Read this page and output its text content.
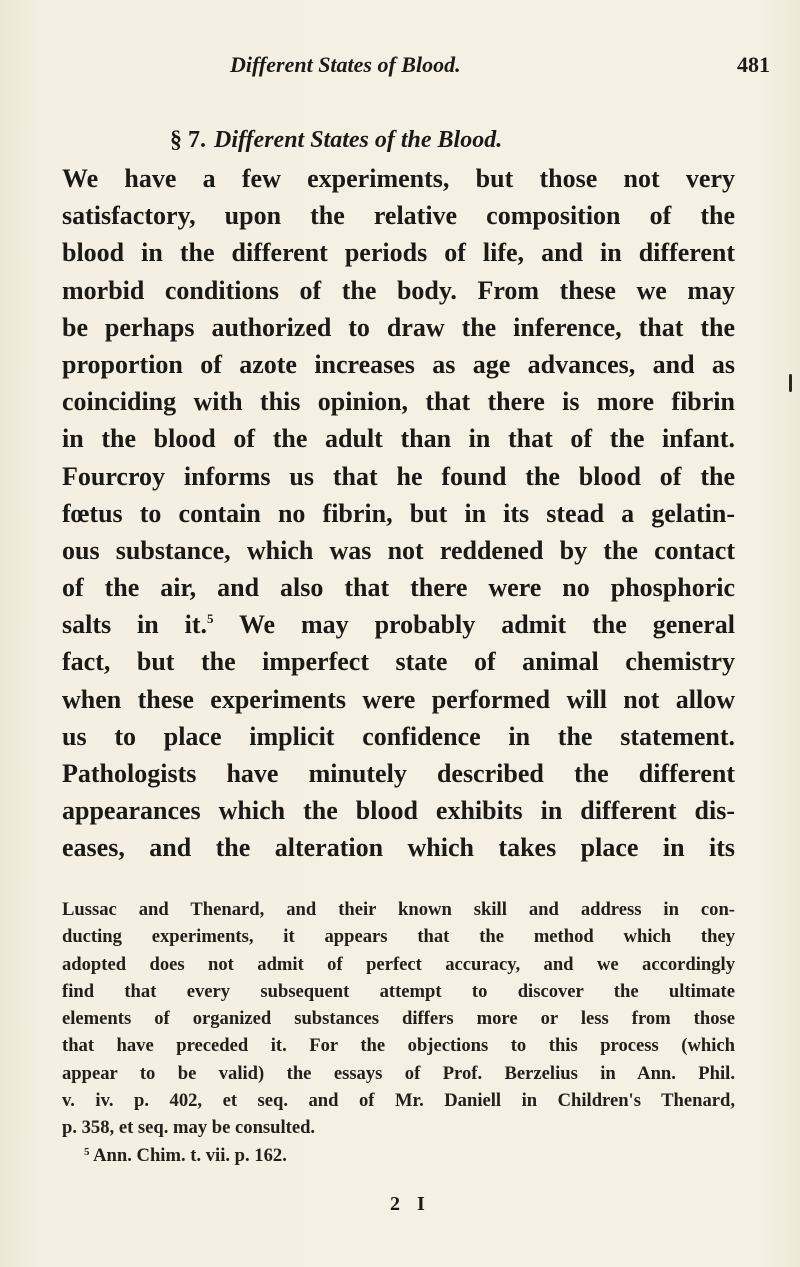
Different States of Blood.	481
§ 7. Different States of the Blood.
We have a few experiments, but those not very
satisfactory, upon the relative composition of the
blood in the different periods of life, and in different
morbid conditions of the body. From these we may
be perhaps authorized to draw the inference, that the
proportion of azote increases as age advances, and as
coinciding with this opinion, that there is more fibrin
in the blood of the adult than in that of the infant.
Fourcroy informs us that he found the blood of the
fœtus to contain no fibrin, but in its stead a gelatin-
ous substance, which was not reddened by the contact
of the air, and also that there were no phosphoric
salts in it.$^5$ We may probably admit the general
fact, but the imperfect state of animal chemistry
when these experiments were performed will not allow
us to place implicit confidence in the statement.
Pathologists have minutely described the different
appearances which the blood exhibits in different dis-
eases, and the alteration which takes place in its
Lussac and Thenard, and their known skill and address in con-
ducting experiments, it appears that the method which they
adopted does not admit of perfect accuracy, and we accordingly
find that every subsequent attempt to discover the ultimate
elements of organized substances differs more or less from those
that have preceded it. For the objections to this process (which
appear to be valid) the essays of Prof. Berzelius in Ann. Phil.
v. iv. p. 402, et seq. and of Mr. Daniell in Children's Thenard,
p. 358, et seq. may be consulted.
$^5$ Ann. Chim. t. vii. p. 162.
2 I
